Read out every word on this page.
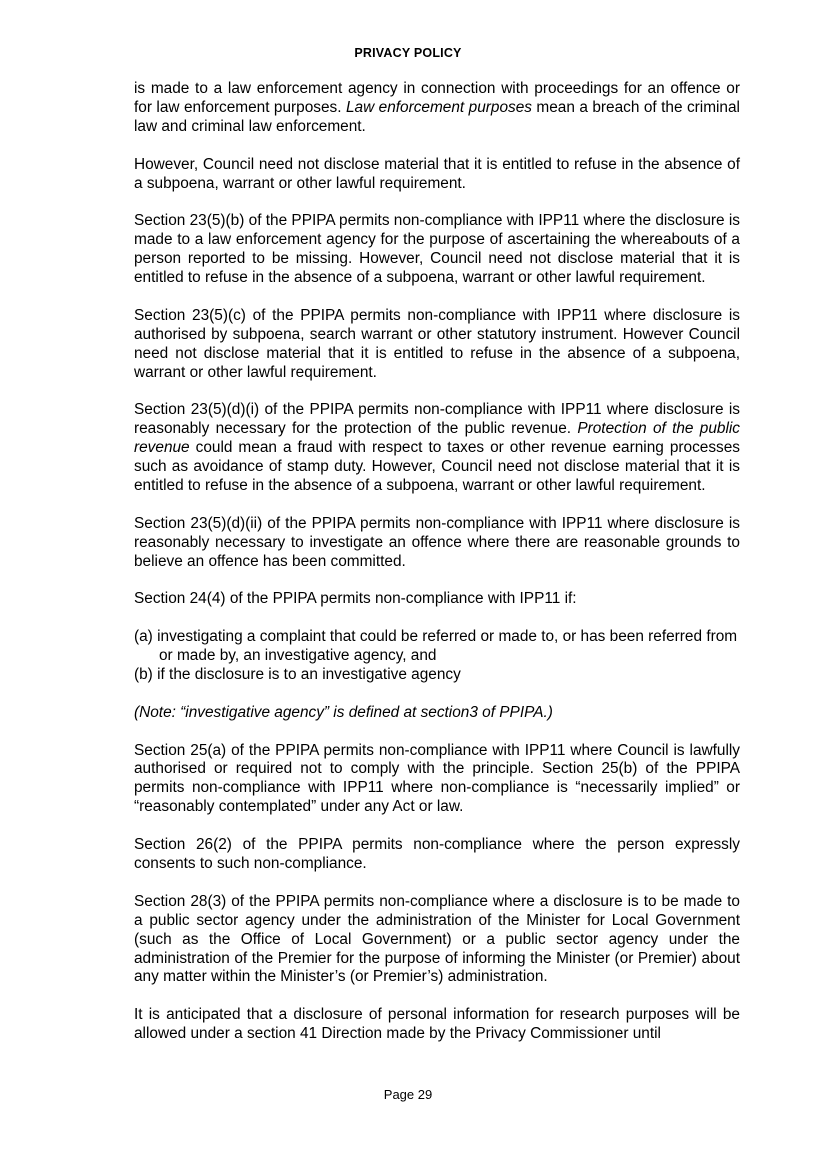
PRIVACY POLICY

is made to a law enforcement agency in connection with proceedings for an offence or for law enforcement purposes. Law enforcement purposes mean a breach of the criminal law and criminal law enforcement.

However, Council need not disclose material that it is entitled to refuse in the absence of a subpoena, warrant or other lawful requirement.

Section 23(5)(b) of the PPIPA permits non-compliance with IPP11 where the disclosure is made to a law enforcement agency for the purpose of ascertaining the whereabouts of a person reported to be missing. However, Council need not disclose material that it is entitled to refuse in the absence of a subpoena, warrant or other lawful requirement.

Section 23(5)(c) of the PPIPA permits non-compliance with IPP11 where disclosure is authorised by subpoena, search warrant or other statutory instrument. However Council need not disclose material that it is entitled to refuse in the absence of a subpoena, warrant or other lawful requirement.

Section 23(5)(d)(i) of the PPIPA permits non-compliance with IPP11 where disclosure is reasonably necessary for the protection of the public revenue. Protection of the public revenue could mean a fraud with respect to taxes or other revenue earning processes such as avoidance of stamp duty. However, Council need not disclose material that it is entitled to refuse in the absence of a subpoena, warrant or other lawful requirement.

Section 23(5)(d)(ii) of the PPIPA permits non-compliance with IPP11 where disclosure is reasonably necessary to investigate an offence where there are reasonable grounds to believe an offence has been committed.

Section 24(4) of the PPIPA permits non-compliance with IPP11 if:

(a) investigating a complaint that could be referred or made to, or has been referred from or made by, an investigative agency, and
(b) if the disclosure is to an investigative agency

(Note: “investigative agency” is defined at section3 of PPIPA.)

Section 25(a) of the PPIPA permits non-compliance with IPP11 where Council is lawfully authorised or required not to comply with the principle. Section 25(b) of the PPIPA permits non-compliance with IPP11 where non-compliance is “necessarily implied” or “reasonably contemplated” under any Act or law.

Section 26(2) of the PPIPA permits non-compliance where the person expressly consents to such non-compliance.

Section 28(3) of the PPIPA permits non-compliance where a disclosure is to be made to a public sector agency under the administration of the Minister for Local Government (such as the Office of Local Government) or a public sector agency under the administration of the Premier for the purpose of informing the Minister (or Premier) about any matter within the Minister’s (or Premier’s) administration.

It is anticipated that a disclosure of personal information for research purposes will be allowed under a section 41 Direction made by the Privacy Commissioner until

Page 29
